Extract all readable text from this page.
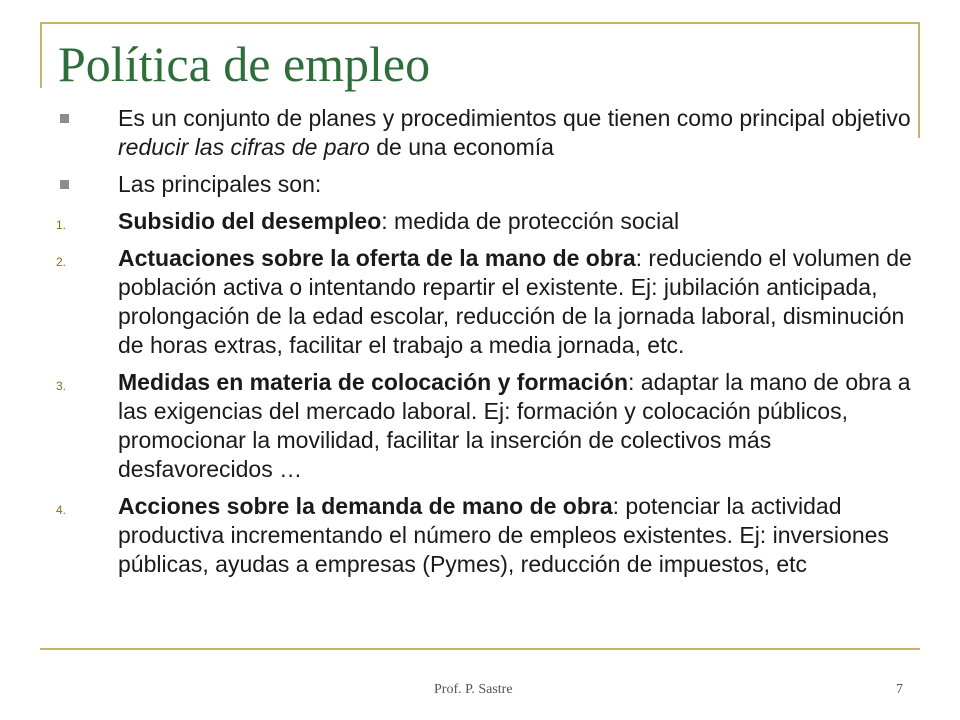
Política de empleo
Es un conjunto de planes y procedimientos que tienen como principal objetivo reducir las cifras de paro de una economía
Las principales son:
1. Subsidio del desempleo: medida de protección social
2. Actuaciones sobre la oferta de la mano de obra: reduciendo el volumen de población activa o intentando repartir el existente. Ej: jubilación anticipada, prolongación de la edad escolar, reducción de la jornada laboral, disminución de horas extras, facilitar el trabajo a media jornada, etc.
3. Medidas en materia de colocación y formación: adaptar la mano de obra a las exigencias del mercado laboral. Ej: formación y colocación públicos, promocionar la movilidad, facilitar la inserción de colectivos más desfavorecidos …
4. Acciones sobre la demanda de mano de obra: potenciar la actividad productiva incrementando el número de empleos existentes. Ej: inversiones públicas, ayudas a empresas (Pymes), reducción de impuestos, etc
Prof. P. Sastre	7
